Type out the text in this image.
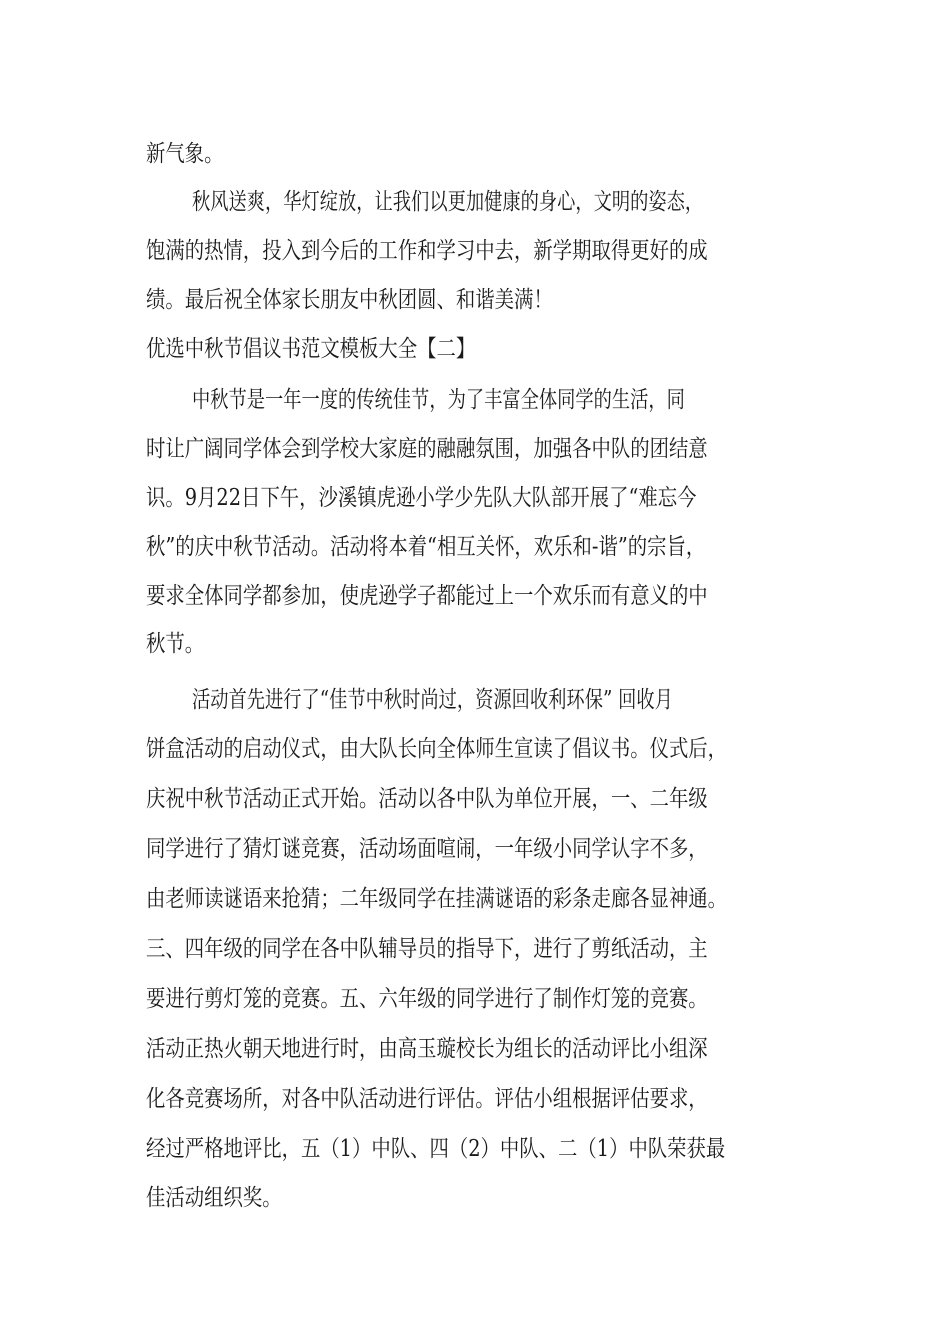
新气象。
秋风送爽，华灯绽放，让我们以更加健康的身心，文明的姿态，
饱满的热情，投入到今后的工作和学习中去，新学期取得更好的成
绩。最后祝全体家长朋友中秋团圆、和谐美满！
优选中秋节倡议书范文模板大全【二】
中秋节是一年一度的传统佳节，为了丰富全体同学的生活，同
时让广阔同学体会到学校大家庭的融融氛围，加强各中队的团结意
识。9月22日下午，沙溪镇虎逊小学少先队大队部开展了“难忘今
秋”的庆中秋节活动。活动将本着“相互关怀，欢乐和-谐”的宗旨，
要求全体同学都参加，使虎逊学子都能过上一个欢乐而有意义的中
秋节。
活动首先进行了“佳节中秋时尚过，资源回收利环保” 回收月
饼盒活动的启动仪式，由大队长向全体师生宣读了倡议书。仪式后，
庆祝中秋节活动正式开始。活动以各中队为单位开展，一、二年级
同学进行了猜灯谜竞赛，活动场面喧闹，一年级小同学认字不多，
由老师读谜语来抢猜；二年级同学在挂满谜语的彩条走廊各显神通。
三、四年级的同学在各中队辅导员的指导下，进行了剪纸活动，主
要进行剪灯笼的竞赛。五、六年级的同学进行了制作灯笼的竞赛。
活动正热火朝天地进行时，由高玉璇校长为组长的活动评比小组深
化各竞赛场所，对各中队活动进行评估。评估小组根据评估要求，
经过严格地评比，五（1）中队、四（2）中队、二（1）中队荣获最
佳活动组织奖。
